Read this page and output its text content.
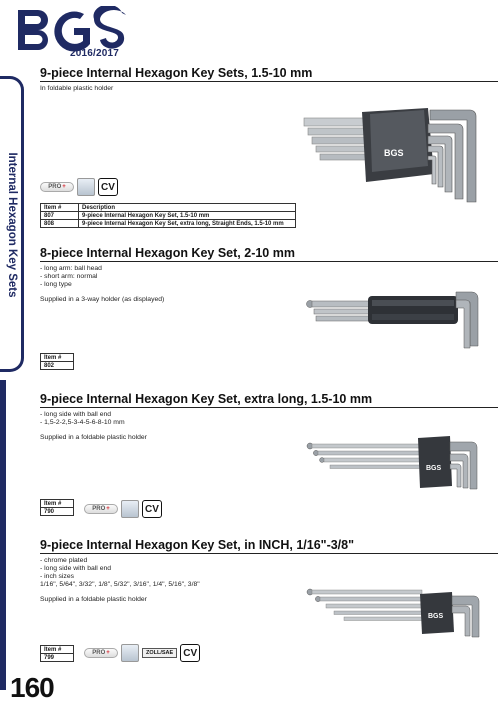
2016/2017
Internal Hexagon Key Sets
9-piece Internal Hexagon Key Sets, 1.5-10 mm
In foldable plastic holder
BGS
PRO +	CV
Item #	Description
807	9-piece Internal Hexagon Key Set, 1.5-10 mm
808	9-piece Internal Hexagon Key Set, extra long, Straight Ends, 1.5-10 mm
8-piece Internal Hexagon Key Set, 2-10 mm
- long arm: ball head
- short arm: normal
- long type
Supplied in a 3-way holder (as displayed)
Item #
802
9-piece Internal Hexagon Key Set, extra long, 1.5-10 mm
- long side with ball end
- 1,5-2-2,5-3-4-5-6-8-10 mm
Supplied in a foldable plastic holder
BGS
Item #
790	PRO +	CV
9-piece Internal Hexagon Key Set, in INCH, 1/16"-3/8"
- chrome plated
- long side with ball end
- inch sizes
1/16", 5/64", 3/32", 1/8", 5/32", 3/16", 1/4", 5/16", 3/8"
Supplied in a foldable plastic holder
BGS
Item #
799
PRO +	ZOLL/SAE	CV
160
